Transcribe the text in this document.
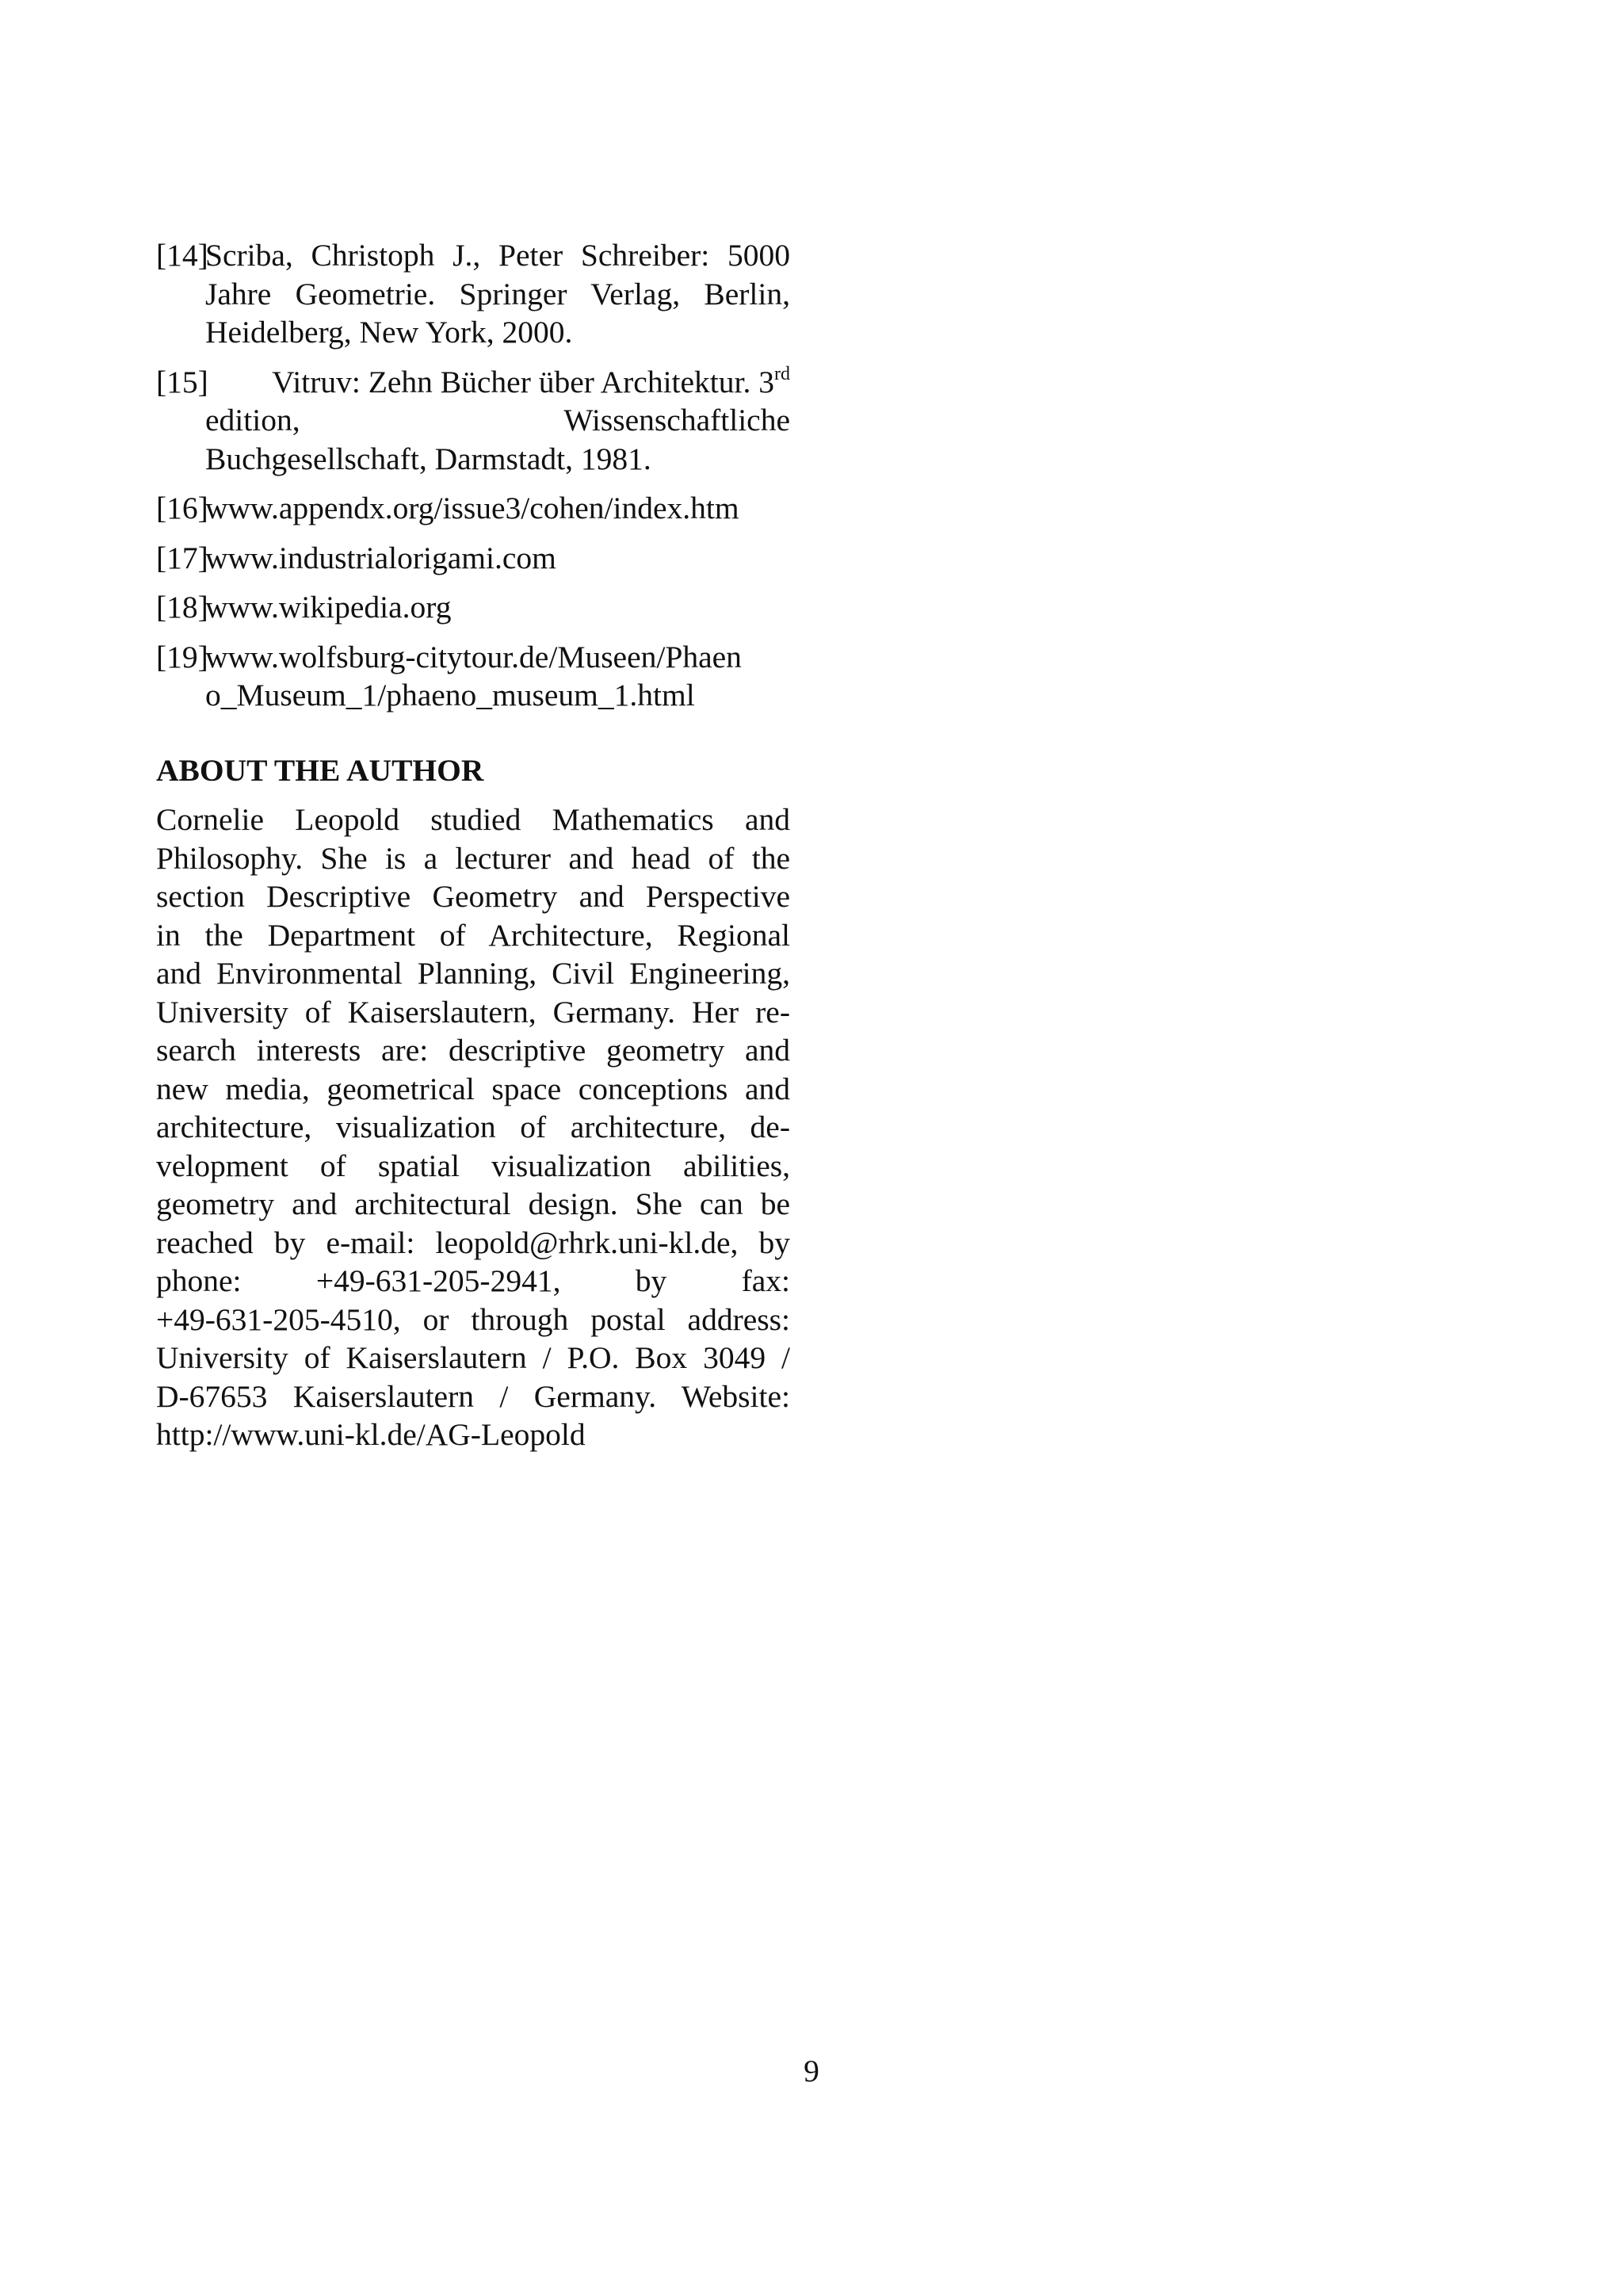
[14]
Scriba, Christoph J., Peter Schreiber: 5000
Jahre Geometrie. Springer Verlag, Berlin,
Heidelberg, New York, 2000.
[15] Vitruv: Zehn Bücher über Architektur. 3rd
edition,	Wissenschaftliche
Buchgesellschaft, Darmstadt, 1981.
[16]
www.appendx.org/issue3/cohen/index.htm
[17]
www.industrialorigami.com
[18]
www.wikipedia.org
[19]
www.wolfsburg-citytour.de/Museen/Phaen
o_Museum_1/phaeno_museum_1.html
ABOUT THE AUTHOR
Cornelie Leopold studied Mathematics and
Philosophy. She is a lecturer and head of the
section Descriptive Geometry and Perspective
in the Department of Architecture, Regional
and Environmental Planning, Civil Engineering,
University of Kaiserslautern, Germany. Her re-
search interests are: descriptive geometry and
new media, geometrical space conceptions and
architecture, visualization of architecture, de-
velopment of spatial visualization abilities,
geometry and architectural design. She can be
reached by e-mail: leopold@rhrk.uni-kl.de, by
phone: +49-631-205-2941, by fax:
+49-631-205-4510, or through postal address:
University of Kaiserslautern / P.O. Box 3049 /
D-67653 Kaiserslautern / Germany. Website:
http://www.uni-kl.de/AG-Leopold
9
